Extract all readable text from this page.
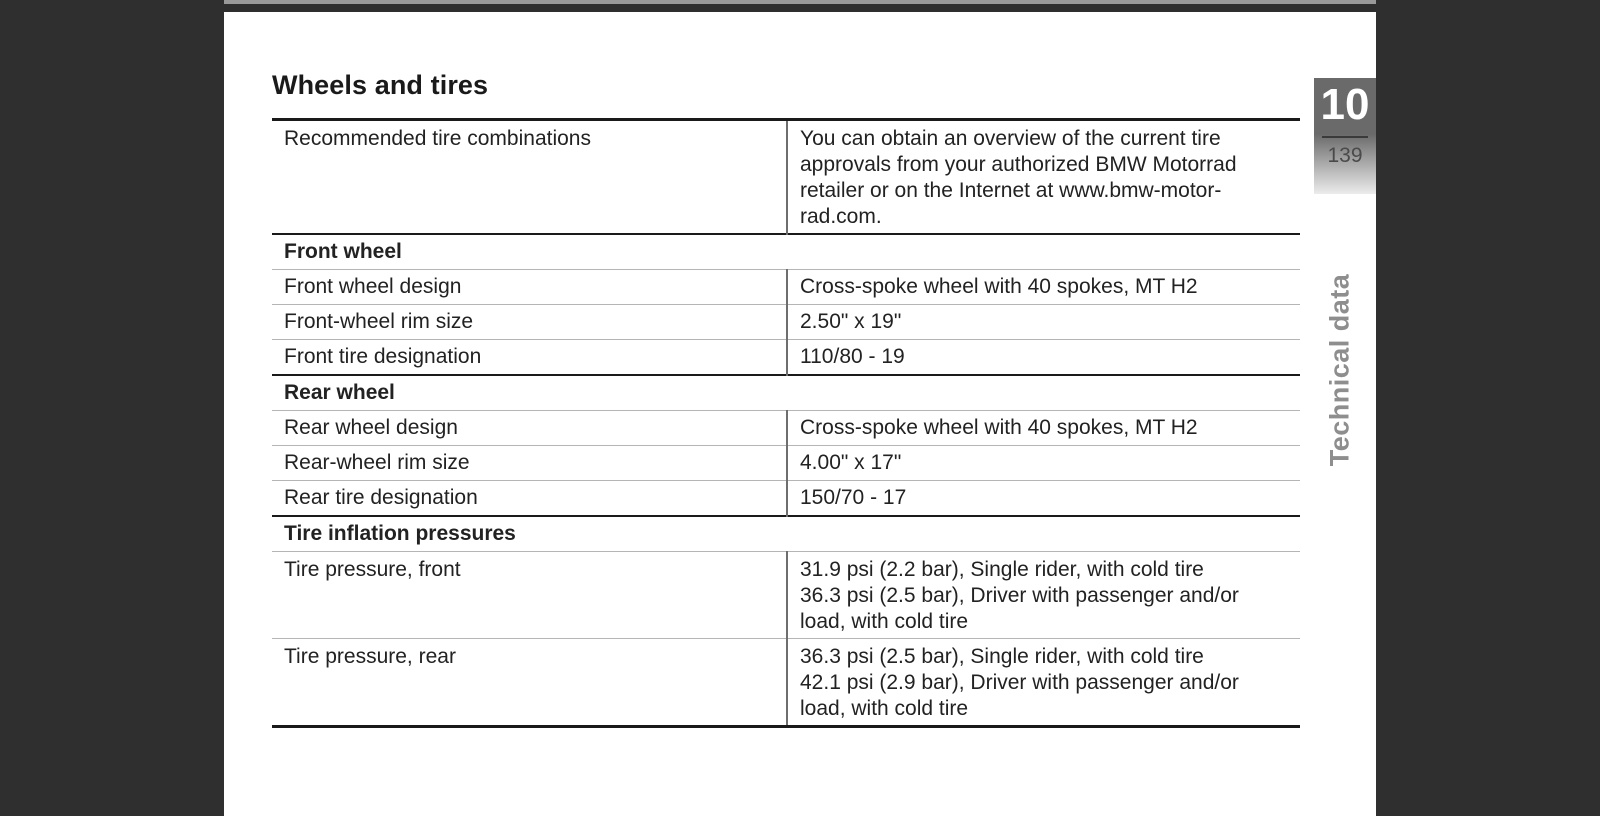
Wheels and tires
Recommended tire combinations	You can obtain an overview of the current tire
approvals from your authorized BMW Motorrad
retailer or on the Internet at www.bmw-motor-
rad.com.

Front wheel	
Front wheel design	Cross-spoke wheel with 40 spokes, MT H2
Front-wheel rim size	2.50" x 19"
Front tire designation	110/80 - 19
Rear wheel	
Rear wheel design	Cross-spoke wheel with 40 spokes, MT H2
Rear-wheel rim size	4.00" x 17"
Rear tire designation	150/70 - 17
Tire inflation pressures	
Tire pressure, front	31.9 psi (2.2 bar), Single rider, with cold tire
36.3 psi (2.5 bar), Driver with passenger and/or
load, with cold tire

Tire pressure, rear	36.3 psi (2.5 bar), Single rider, with cold tire
42.1 psi (2.9 bar), Driver with passenger and/or
load, with cold tire
10
139
Technical data
